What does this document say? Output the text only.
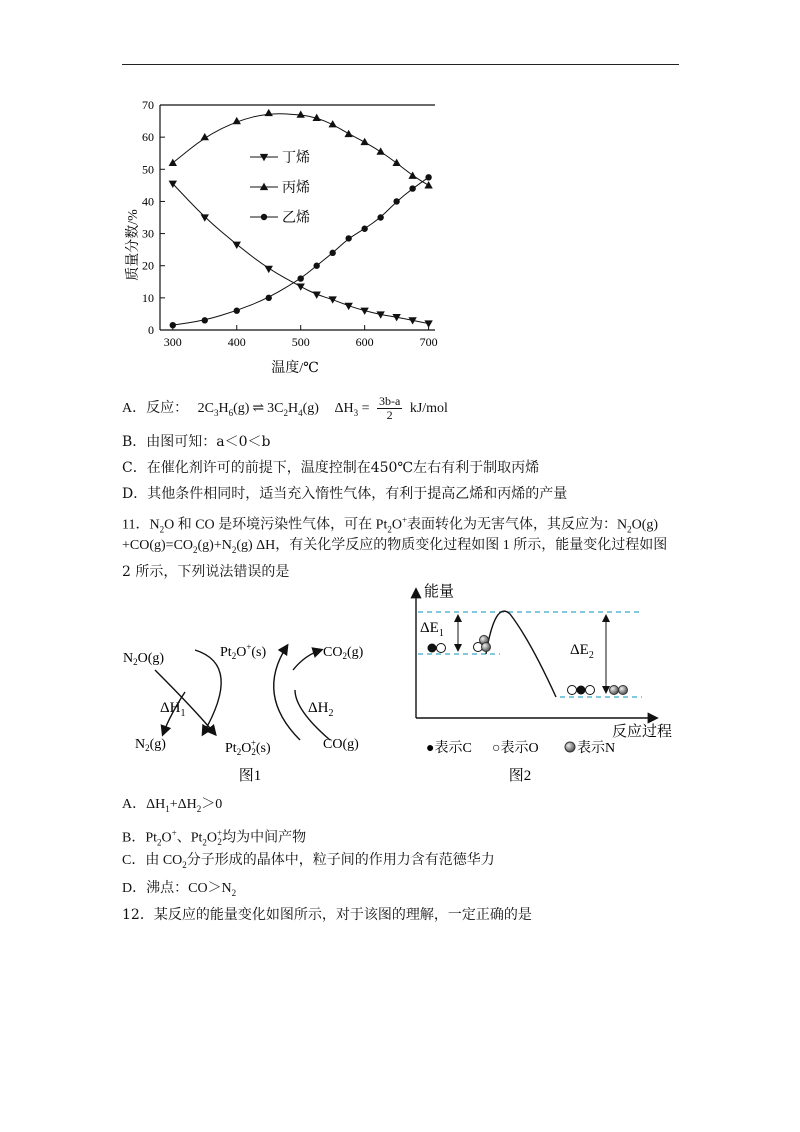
0
10
20
30
40
50
60
70
300	400	500	600	700
质量分数/%
温度/℃
丁烯
丙烯
乙烯
A．反应： $2C_3H_6(g)$ ⇌ $3C_2H_4(g) \Delta H_3 = \frac{3b-a}{2} kJ/mol$
B．由图可知：a＜0＜b
C．在催化剂许可的前提下，温度控制在450℃左右有利于制取丙烯
D．其他条件相同时，适当充入惰性气体，有利于提高乙烯和丙烯的产量
11．$N_2O$ 和 CO 是环境污染性气体，可在 $Pt_2O^+$表面转化为无害气体，其反应为：$N_2O(g)$
$+CO(g)=CO_2(g)+N_2(g)$ ΔH，有关化学反应的物质变化过程如图 1 所示，能量变化过程如图
2 所示，下列说法错误的是
$N_2O(g)$	$Pt_2O^+(s)$	$CO_2(g)$
$\Delta H_1$	$\Delta H_2$
$N_2(g)$	$Pt_2O_2+(s)$	CO(g)
图1
能量
反应过程
$\Delta E_1$
$\Delta E_2$
●表示C ○表示O	表示N
图2
A．$\Delta H_1+\Delta H_2>0$
B．$Pt_2O^+$、$Pt_2O$ +
2 均为中间产物
C．由 $CO_2$分子形成的晶体中，粒子间的作用力含有范德华力
D．沸点：$CO>N_2$
12．某反应的能量变化如图所示，对于该图的理解，一定正确的是
